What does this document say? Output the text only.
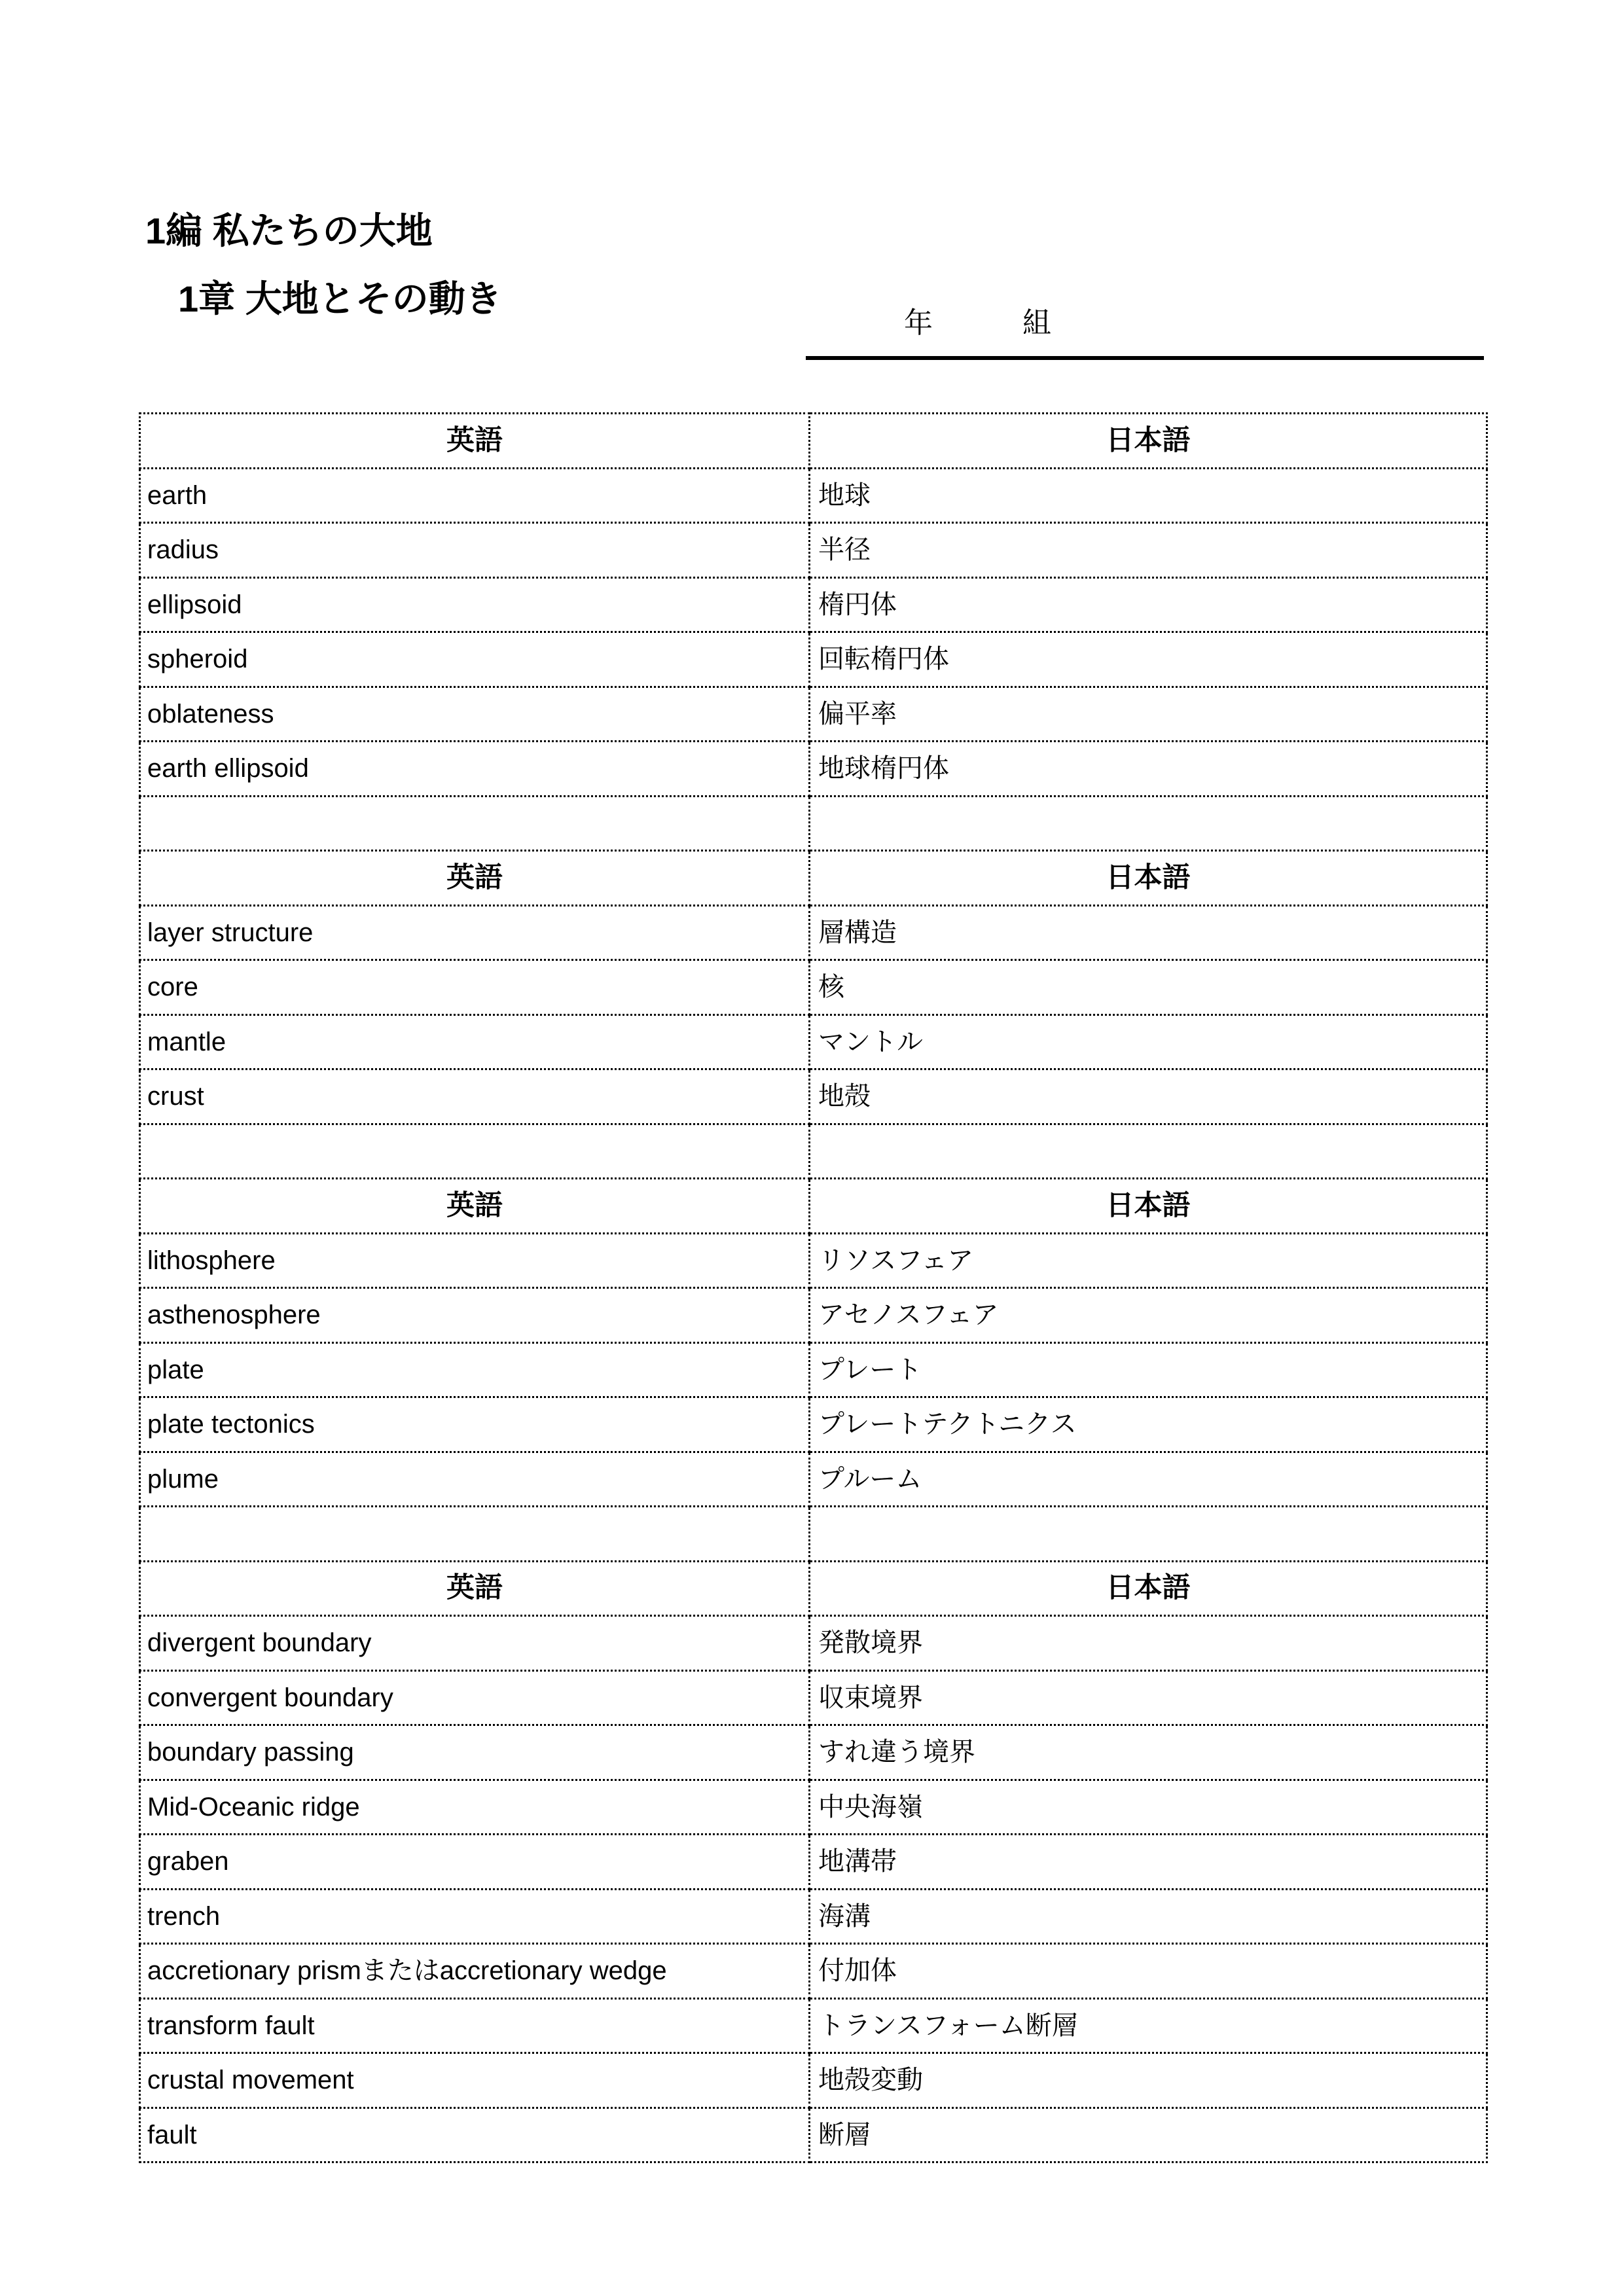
1編 私たちの大地
1章 大地とその動き
年	組
英語	日本語
earth	地球
radius	半径
ellipsoid	楕円体
spheroid	回転楕円体
oblateness	偏平率
earth ellipsoid	地球楕円体

英語	日本語
layer structure	層構造
core	核
mantle	マントル
crust	地殻

英語	日本語
lithosphere	リソスフェア
asthenosphere	アセノスフェア
plate	プレート
plate tectonics	プレートテクトニクス
plume	プルーム

英語	日本語
divergent boundary	発散境界
convergent boundary	収束境界
boundary passing	すれ違う境界
Mid-Oceanic ridge	中央海嶺
graben	地溝帯
trench	海溝
accretionary prismまたはaccretionary wedge	付加体
transform fault	トランスフォーム断層
crustal movement	地殻変動
fault	断層
